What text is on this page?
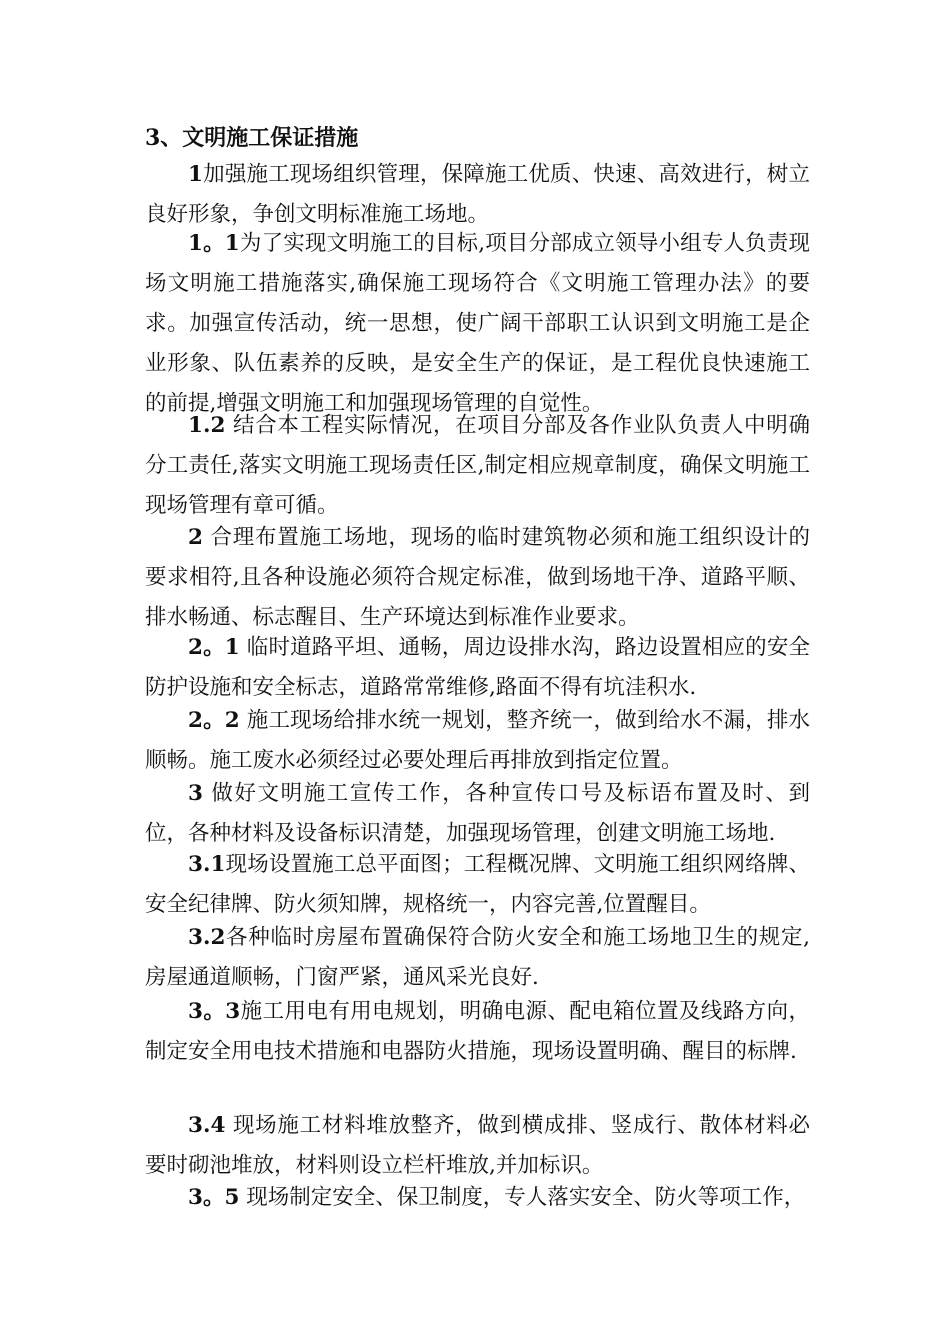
3、文明施工保证措施

1加强施工现场组织管理，保障施工优质、快速、高效进行，树立良好形象，争创文明标准施工场地。

1。1为了实现文明施工的目标,项目分部成立领导小组专人负责现场文明施工措施落实,确保施工现场符合《文明施工管理办法》的要求。加强宣传活动，统一思想，使广阔干部职工认识到文明施工是企业形象、队伍素养的反映，是安全生产的保证，是工程优良快速施工的前提,增强文明施工和加强现场管理的自觉性。

1.2 结合本工程实际情况，在项目分部及各作业队负责人中明确分工责任,落实文明施工现场责任区,制定相应规章制度，确保文明施工现场管理有章可循。

2 合理布置施工场地，现场的临时建筑物必须和施工组织设计的要求相符,且各种设施必须符合规定标准，做到场地干净、道路平顺、排水畅通、标志醒目、生产环境达到标准作业要求。

2。1 临时道路平坦、通畅，周边设排水沟，路边设置相应的安全防护设施和安全标志，道路常常维修,路面不得有坑洼积水.

2。2 施工现场给排水统一规划，整齐统一，做到给水不漏，排水顺畅。施工废水必须经过必要处理后再排放到指定位置。

3 做好文明施工宣传工作，各种宣传口号及标语布置及时、到位，各种材料及设备标识清楚，加强现场管理，创建文明施工场地.

3.1现场设置施工总平面图；工程概况牌、文明施工组织网络牌、安全纪律牌、防火须知牌，规格统一，内容完善,位置醒目。

3.2各种临时房屋布置确保符合防火安全和施工场地卫生的规定,房屋通道顺畅，门窗严紧，通风采光良好.

3。3施工用电有用电规划，明确电源、配电箱位置及线路方向，制定安全用电技术措施和电器防火措施，现场设置明确、醒目的标牌.

3.4 现场施工材料堆放整齐，做到横成排、竖成行、散体材料必要时砌池堆放，材料则设立栏杆堆放,并加标识。

3。5 现场制定安全、保卫制度，专人落实安全、防火等项工作，
